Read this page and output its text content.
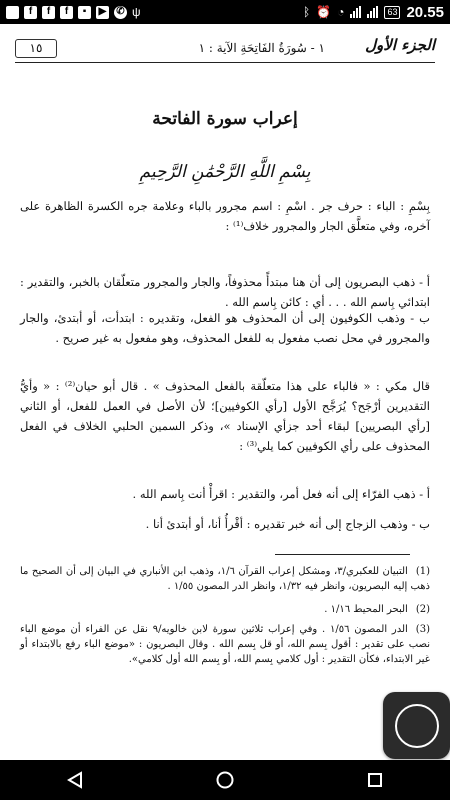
f	f	f	▪	▶ ✆ ψ	ᛒ ⏰ ◔	63 20.55
الجزء الأول
١ - سُورَةُ الفَاتِحَةِ الآية : ١
١٥
إعراب سورة الفاتحة
بِسْمِ اللَّهِ الرَّحْمَٰنِ الرَّحِيمِ

بِسْمِ : الباء : حرف جر . اسْمِ : اسم مجرور بالباء وعلامة جره الكسرة الظاهرة على آخره، وفي متعلَّق الجار والمجرور خلاف⁽¹⁾ :

أ - ذهب البصريون إلى أن هنا مبتدأً محذوفاً، والجار والمجرور متعلّقان بالخبر، والتقدير : ابتدائي بِاسم الله . . . أي : كائن بِاسم الله .

ب - وذهب الكوفيون إلى أن المحذوف هو الفعل، وتقديره : ابتدأت، أو أبتدئ، والجار والمجرور في محل نصب مفعول به للفعل المحذوف، وهو مفعول به غير صريح .

قال مكي : « فالباء على هذا متعلّقة بالفعل المحذوف » . قال أبو حيان⁽²⁾ : « وأيُّ التقديرين أرْجَح؟ يُرَجَّح الأول [رأي الكوفيين]؛ لأن الأصل في العمل للفعل، أو الثاني [رأي البصريين] لبقاء أحد جزأي الإسناد »، وذكر السمين الحلبي الخلاف في الفعل المحذوف على رأي الكوفيين كما يلي⁽³⁾ :

أ - ذهب الفرّاء إلى أنه فعل أمر، والتقدير : اقرأْ أنت بِاسم الله .

ب - وذهب الزجاج إلى أنه خبر تقديره : أقْرأُ أنا، أو أبتدئ أنا .

(1)التبيان للعكبري/٣، ومشكل إعراب القرآن ١/٦، وذهب ابن الأنباري في البيان إلى أن الصحيح ما ذهب إليه البصريون، وانظر فيه ١/٣٢، وانظر الدر المصون ١/٥٥ .

(2)البحر المحيط ١/١٦ .

(3)الدر المصون ١/٥٦ . وفي إعراب ثلاثين سورة لابن خالويه/٩ نقل عن الفراء أن موضع الباء نصب على تقدير : أقول بِسم الله، أو قل بِسم الله . وقال البصريون : «موضع الباء رفع بالابتداء أو غير الابتداء، فكأن التقدير : أول كلامي بِسم الله، أو بِسم الله أول كلامي».
